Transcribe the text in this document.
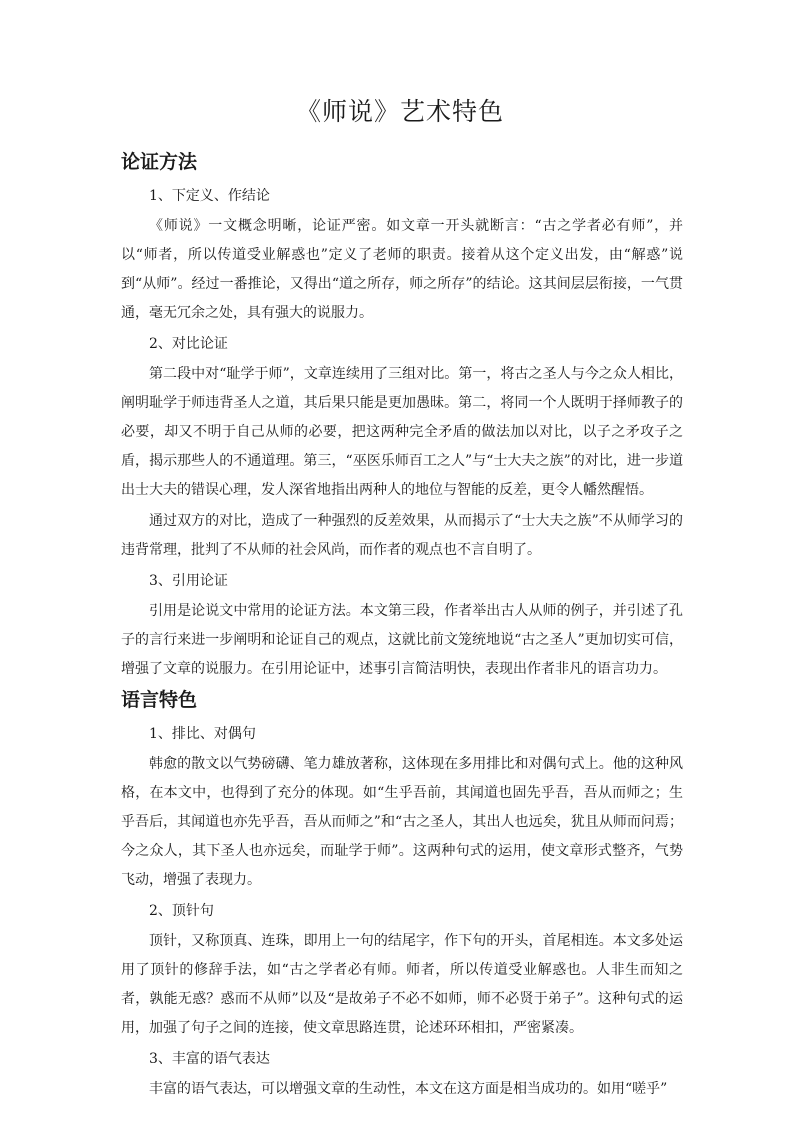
《师说》艺术特色
论证方法
1、下定义、作结论
《师说》一文概念明晰，论证严密。如文章一开头就断言：“古之学者必有师”，并以“师者，所以传道受业解惑也”定义了老师的职责。接着从这个定义出发，由“解惑”说到“从师”。经过一番推论，又得出“道之所存，师之所存”的结论。这其间层层衔接，一气贯通，毫无冗余之处，具有强大的说服力。
2、对比论证
第二段中对“耻学于师”，文章连续用了三组对比。第一，将古之圣人与今之众人相比，阐明耻学于师违背圣人之道，其后果只能是更加愚昧。第二，将同一个人既明于择师教子的必要，却又不明于自己从师的必要，把这两种完全矛盾的做法加以对比，以子之矛攻子之盾，揭示那些人的不通道理。第三，“巫医乐师百工之人”与“士大夫之族”的对比，进一步道出士大夫的错误心理，发人深省地指出两种人的地位与智能的反差，更令人幡然醒悟。
通过双方的对比，造成了一种强烈的反差效果，从而揭示了“士大夫之族”不从师学习的违背常理，批判了不从师的社会风尚，而作者的观点也不言自明了。
3、引用论证
引用是论说文中常用的论证方法。本文第三段，作者举出古人从师的例子，并引述了孔子的言行来进一步阐明和论证自己的观点，这就比前文笼统地说“古之圣人”更加切实可信，增强了文章的说服力。在引用论证中，述事引言简洁明快，表现出作者非凡的语言功力。
语言特色
1、排比、对偶句
韩愈的散文以气势磅礴、笔力雄放著称，这体现在多用排比和对偶句式上。他的这种风格，在本文中，也得到了充分的体现。如“生乎吾前，其闻道也固先乎吾，吾从而师之；生乎吾后，其闻道也亦先乎吾，吾从而师之”和“古之圣人，其出人也远矣，犹且从师而问焉；今之众人，其下圣人也亦远矣，而耻学于师”。这两种句式的运用，使文章形式整齐，气势飞动，增强了表现力。
2、顶针句
顶针，又称顶真、连珠，即用上一句的结尾字，作下句的开头，首尾相连。本文多处运用了顶针的修辞手法，如“古之学者必有师。师者，所以传道受业解惑也。人非生而知之者，孰能无惑？惑而不从师”以及“是故弟子不必不如师，师不必贤于弟子”。这种句式的运用，加强了句子之间的连接，使文章思路连贯，论述环环相扣，严密紧凑。
3、丰富的语气表达
丰富的语气表达，可以增强文章的生动性，本文在这方面是相当成功的。如用“嗟乎”
